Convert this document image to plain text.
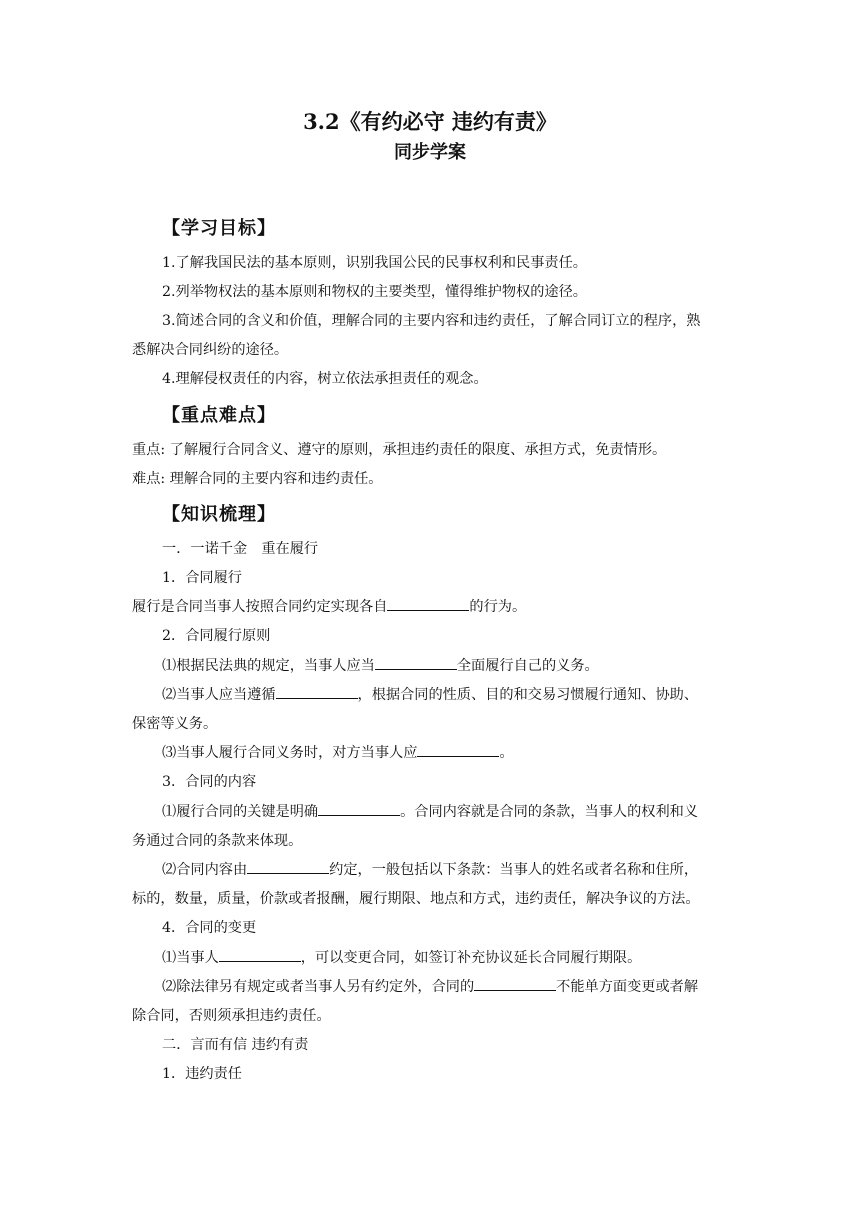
3.2《有约必守 违约有责》
同步学案
【学习目标】
1.了解我国民法的基本原则，识别我国公民的民事权利和民事责任。
2.列举物权法的基本原则和物权的主要类型，懂得维护物权的途径。
3.简述合同的含义和价值，理解合同的主要内容和违约责任，了解合同订立的程序，熟
悉解决合同纠纷的途径。
4.理解侵权责任的内容，树立依法承担责任的观念。
【重点难点】
重点: 了解履行合同含义、遵守的原则，承担违约责任的限度、承担方式，免责情形。
难点: 理解合同的主要内容和违约责任。
【知识梳理】
一．一诺千金　重在履行
1．合同履行
履行是合同当事人按照合同约定实现各自	的行为。
2．合同履行原则
⑴根据民法典的规定，当事人应当	全面履行自己的义务。
⑵当事人应当遵循	，根据合同的性质、目的和交易习惯履行通知、协助、
保密等义务。
⑶当事人履行合同义务时，对方当事人应	。
3．合同的内容
⑴履行合同的关键是明确	。合同内容就是合同的条款，当事人的权利和义
务通过合同的条款来体现。
⑵合同内容由	约定，一般包括以下条款：当事人的姓名或者名称和住所，
标的，数量，质量，价款或者报酬，履行期限、地点和方式，违约责任，解决争议的方法。
4．合同的变更
⑴当事人	，可以变更合同，如签订补充协议延长合同履行期限。
⑵除法律另有规定或者当事人另有约定外，合同的	不能单方面变更或者解
除合同，否则须承担违约责任。
二．言而有信 违约有责
1．违约责任
